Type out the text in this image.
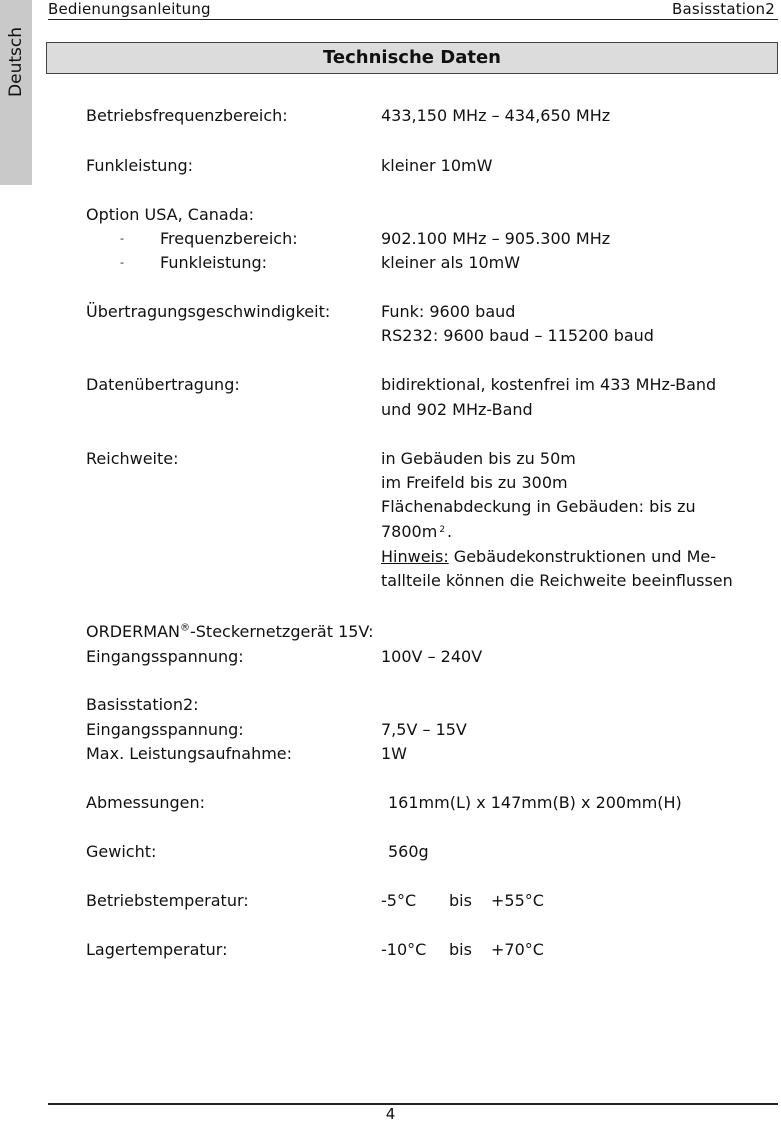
Deutsch
Bedienungsanleitung	Basisstation2
Technische Daten
Betriebsfrequenzbereich:	433,150 MHz – 434,650 MHz
Funkleistung:	kleiner 10mW
Option USA, Canada:
- Frequenzbereich:	902.100 MHz – 905.300 MHz
- Funkleistung:	kleiner als 10mW
Übertragungsgeschwindigkeit:	Funk: 9600 baud
RS232: 9600 baud – 115200 baud
Datenübertragung:	bidirektional, kostenfrei im 433 MHz-Band
und 902 MHz-Band
Reichweite:	in Gebäuden bis zu 50m
im Freifeld bis zu 300m
Flächenabdeckung in Gebäuden: bis zu
7800m $^2$ .
Hinweis: Gebäudekonstruktionen und Me-
tallteile können die Reichweite beeinflussen
ORDERMAN®-Steckernetzgerät 15V:
Eingangsspannung:	100V – 240V
Basisstation2:
Eingangsspannung:	7,5V – 15V
Max. Leistungsaufnahme:	1W
Abmessungen:	161mm(L) x 147mm(B) x 200mm(H)
Gewicht:	560g
Betriebstemperatur:	-5°C bis +55°C
Lagertemperatur:	-10°C bis +70°C
4
